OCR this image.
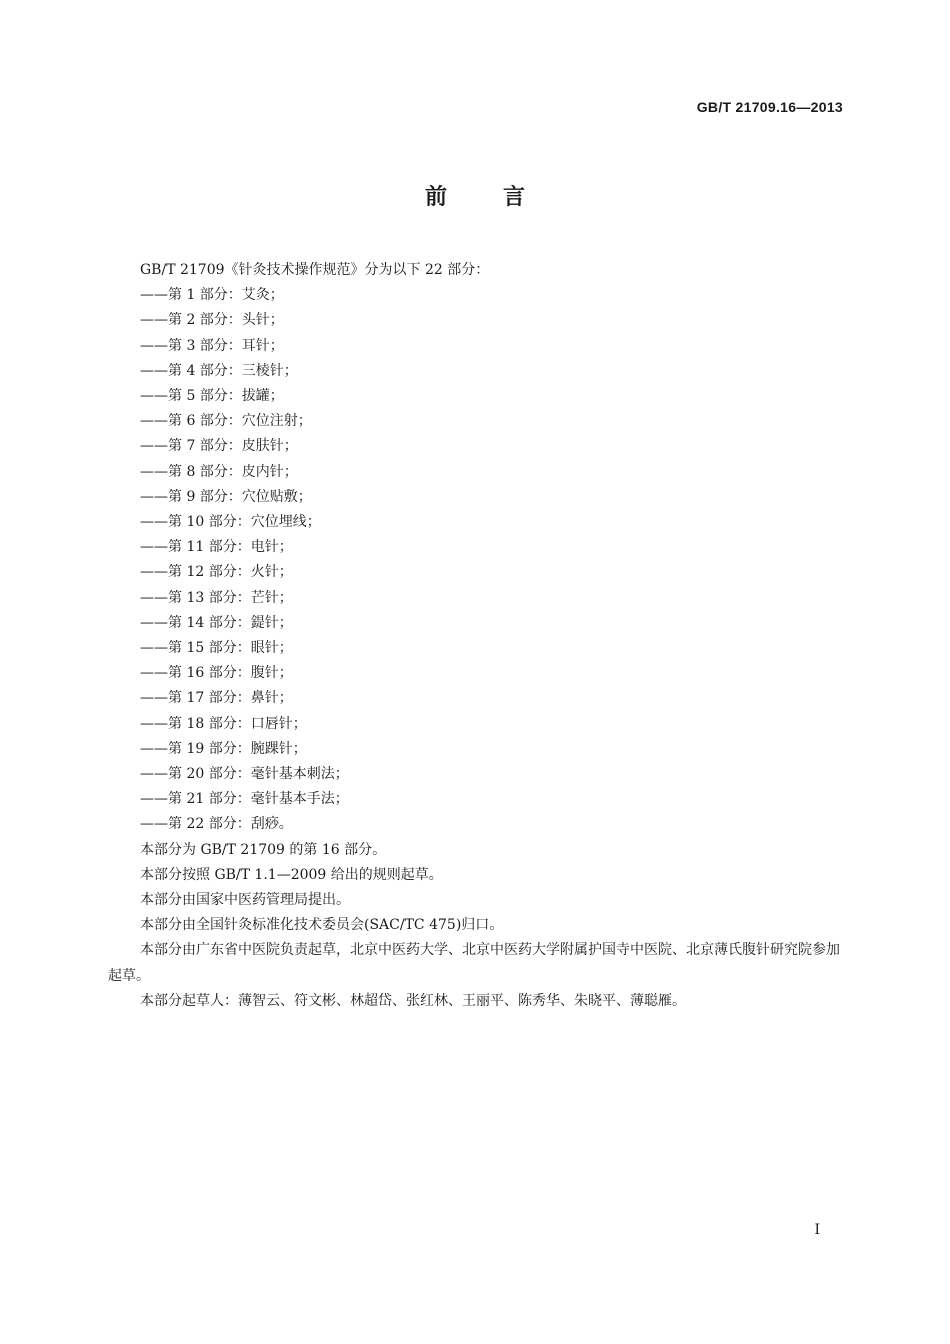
GB/T 21709.16—2013
前言

GB/T 21709《针灸技术操作规范》分为以下 22 部分：

——第 1 部分：艾灸；

——第 2 部分：头针；

——第 3 部分：耳针；

——第 4 部分：三棱针；

——第 5 部分：拔罐；

——第 6 部分：穴位注射；

——第 7 部分：皮肤针；

——第 8 部分：皮内针；

——第 9 部分：穴位贴敷；

——第 10 部分：穴位埋线；

——第 11 部分：电针；

——第 12 部分：火针；

——第 13 部分：芒针；

——第 14 部分：鍉针；

——第 15 部分：眼针；

——第 16 部分：腹针；

——第 17 部分：鼻针；

——第 18 部分：口唇针；

——第 19 部分：腕踝针；

——第 20 部分：毫针基本刺法；

——第 21 部分：毫针基本手法；

——第 22 部分：刮痧。

本部分为 GB/T 21709 的第 16 部分。

本部分按照 GB/T 1.1—2009 给出的规则起草。

本部分由国家中医药管理局提出。

本部分由全国针灸标准化技术委员会(SAC/TC 475)归口。

本部分由广东省中医院负责起草，北京中医药大学、北京中医药大学附属护国寺中医院、北京薄氏腹针研究院参加起草。

本部分起草人：薄智云、符文彬、林超岱、张红林、王丽平、陈秀华、朱晓平、薄聪雁。

I
